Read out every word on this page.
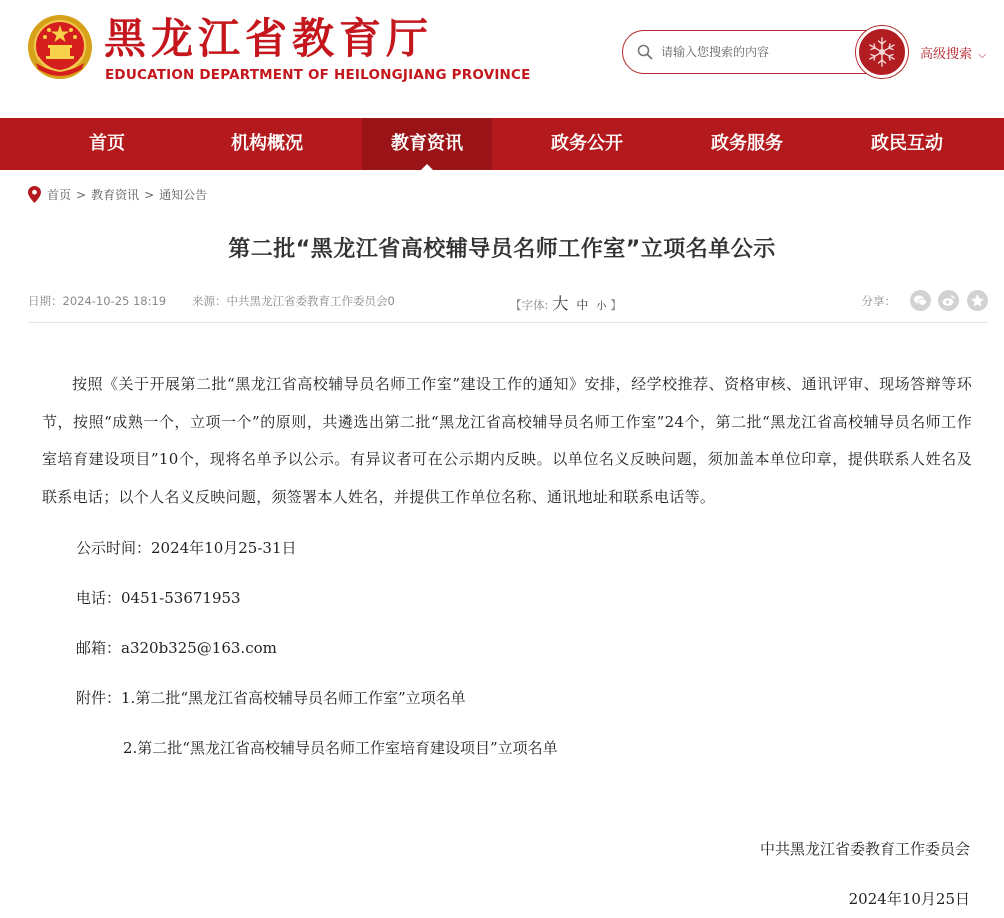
黑龙江省教育厅
EDUCATION DEPARTMENT OF HEILONGJIANG PROVINCE
请输入您搜索的内容
高级搜索 ⌵
首页	机构概况	教育资讯	政务公开	政务服务	政民互动
首页 > 教育资讯 > 通知公告
第二批“黑龙江省高校辅导员名师工作室”立项名单公示
日期：2024-10-25 18:19 来源：中共黑龙江省委教育工作委员会0	【字体: 大 中 小 】	分享：

按照《关于开展第二批“黑龙江省高校辅导员名师工作室”建设工作的通知》安排，经学校推荐、资格审核、通讯评审、现场答辩等环节，按照“成熟一个，立项一个”的原则，共遴选出第二批“黑龙江省高校辅导员名师工作室”24个，第二批“黑龙江省高校辅导员名师工作室培育建设项目”10个，现将名单予以公示。有异议者可在公示期内反映。以单位名义反映问题，须加盖本单位印章，提供联系人姓名及联系电话；以个人名义反映问题，须签署本人姓名，并提供工作单位名称、通讯地址和联系电话等。

公示时间：2024年10月25-31日
电话：0451-53671953
邮箱：a320b325@163.com
附件：1.第二批“黑龙江省高校辅导员名师工作室”立项名单
2.第二批“黑龙江省高校辅导员名师工作室培育建设项目”立项名单
中共黑龙江省委教育工作委员会
2024年10月25日
